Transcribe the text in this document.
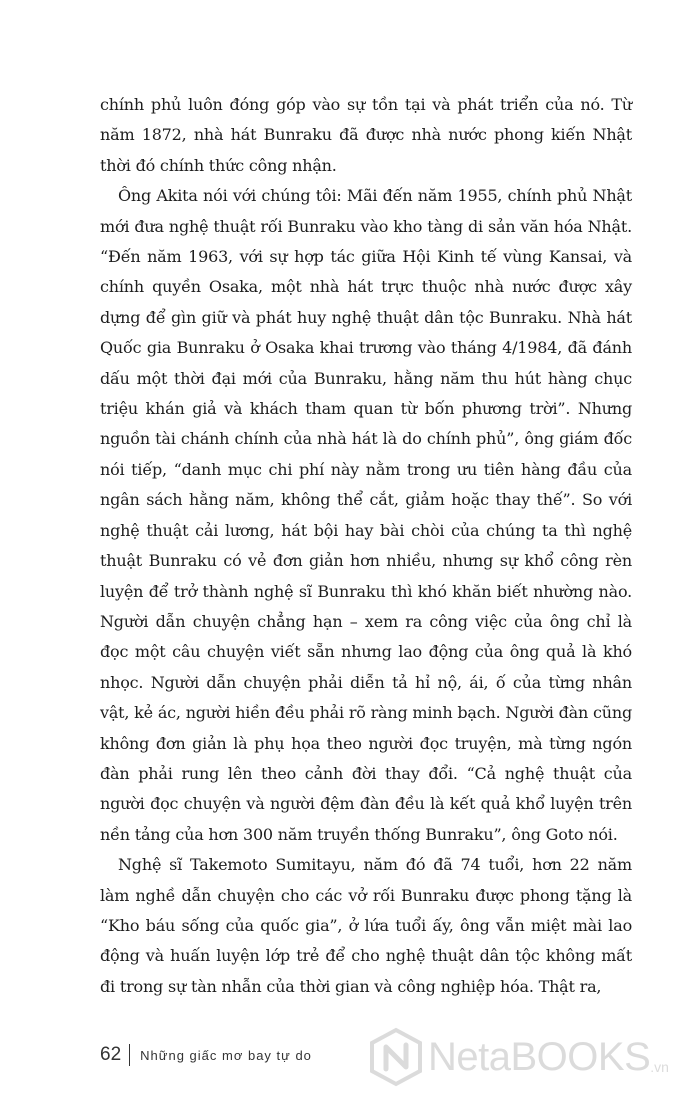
chính phủ luôn đóng góp vào sự tồn tại và phát triển của nó. Từ năm 1872, nhà hát Bunraku đã được nhà nước phong kiến Nhật thời đó chính thức công nhận.

Ông Akita nói với chúng tôi: Mãi đến năm 1955, chính phủ Nhật mới đưa nghệ thuật rối Bunraku vào kho tàng di sản văn hóa Nhật. “Đến năm 1963, với sự hợp tác giữa Hội Kinh tế vùng Kansai, và chính quyền Osaka, một nhà hát trực thuộc nhà nước được xây dựng để gìn giữ và phát huy nghệ thuật dân tộc Bunraku. Nhà hát Quốc gia Bunraku ở Osaka khai trương vào tháng 4/1984, đã đánh dấu một thời đại mới của Bunraku, hằng năm thu hút hàng chục triệu khán giả và khách tham quan từ bốn phương trời”. Nhưng nguồn tài chánh chính của nhà hát là do chính phủ”, ông giám đốc nói tiếp, “danh mục chi phí này nằm trong ưu tiên hàng đầu của ngân sách hằng năm, không thể cắt, giảm hoặc thay thế”. So với nghệ thuật cải lương, hát bội hay bài chòi của chúng ta thì nghệ thuật Bunraku có vẻ đơn giản hơn nhiều, nhưng sự khổ công rèn luyện để trở thành nghệ sĩ Bunraku thì khó khăn biết nhường nào. Người dẫn chuyện chẳng hạn – xem ra công việc của ông chỉ là đọc một câu chuyện viết sẵn nhưng lao động của ông quả là khó nhọc. Người dẫn chuyện phải diễn tả hỉ nộ, ái, ố của từng nhân vật, kẻ ác, người hiền đều phải rõ ràng minh bạch. Người đàn cũng không đơn giản là phụ họa theo người đọc truyện, mà từng ngón đàn phải rung lên theo cảnh đời thay đổi. “Cả nghệ thuật của người đọc chuyện và người đệm đàn đều là kết quả khổ luyện trên nền tảng của hơn 300 năm truyền thống Bunraku”, ông Goto nói.

Nghệ sĩ Takemoto Sumitayu, năm đó đã 74 tuổi, hơn 22 năm làm nghề dẫn chuyện cho các vở rối Bunraku được phong tặng là “Kho báu sống của quốc gia”, ở lứa tuổi ấy, ông vẫn miệt mài lao động và huấn luyện lớp trẻ để cho nghệ thuật dân tộc không mất đi trong sự tàn nhẫn của thời gian và công nghiệp hóa. Thật ra,

62 Những giấc mơ bay tự do	NetaBOOKS .vn
